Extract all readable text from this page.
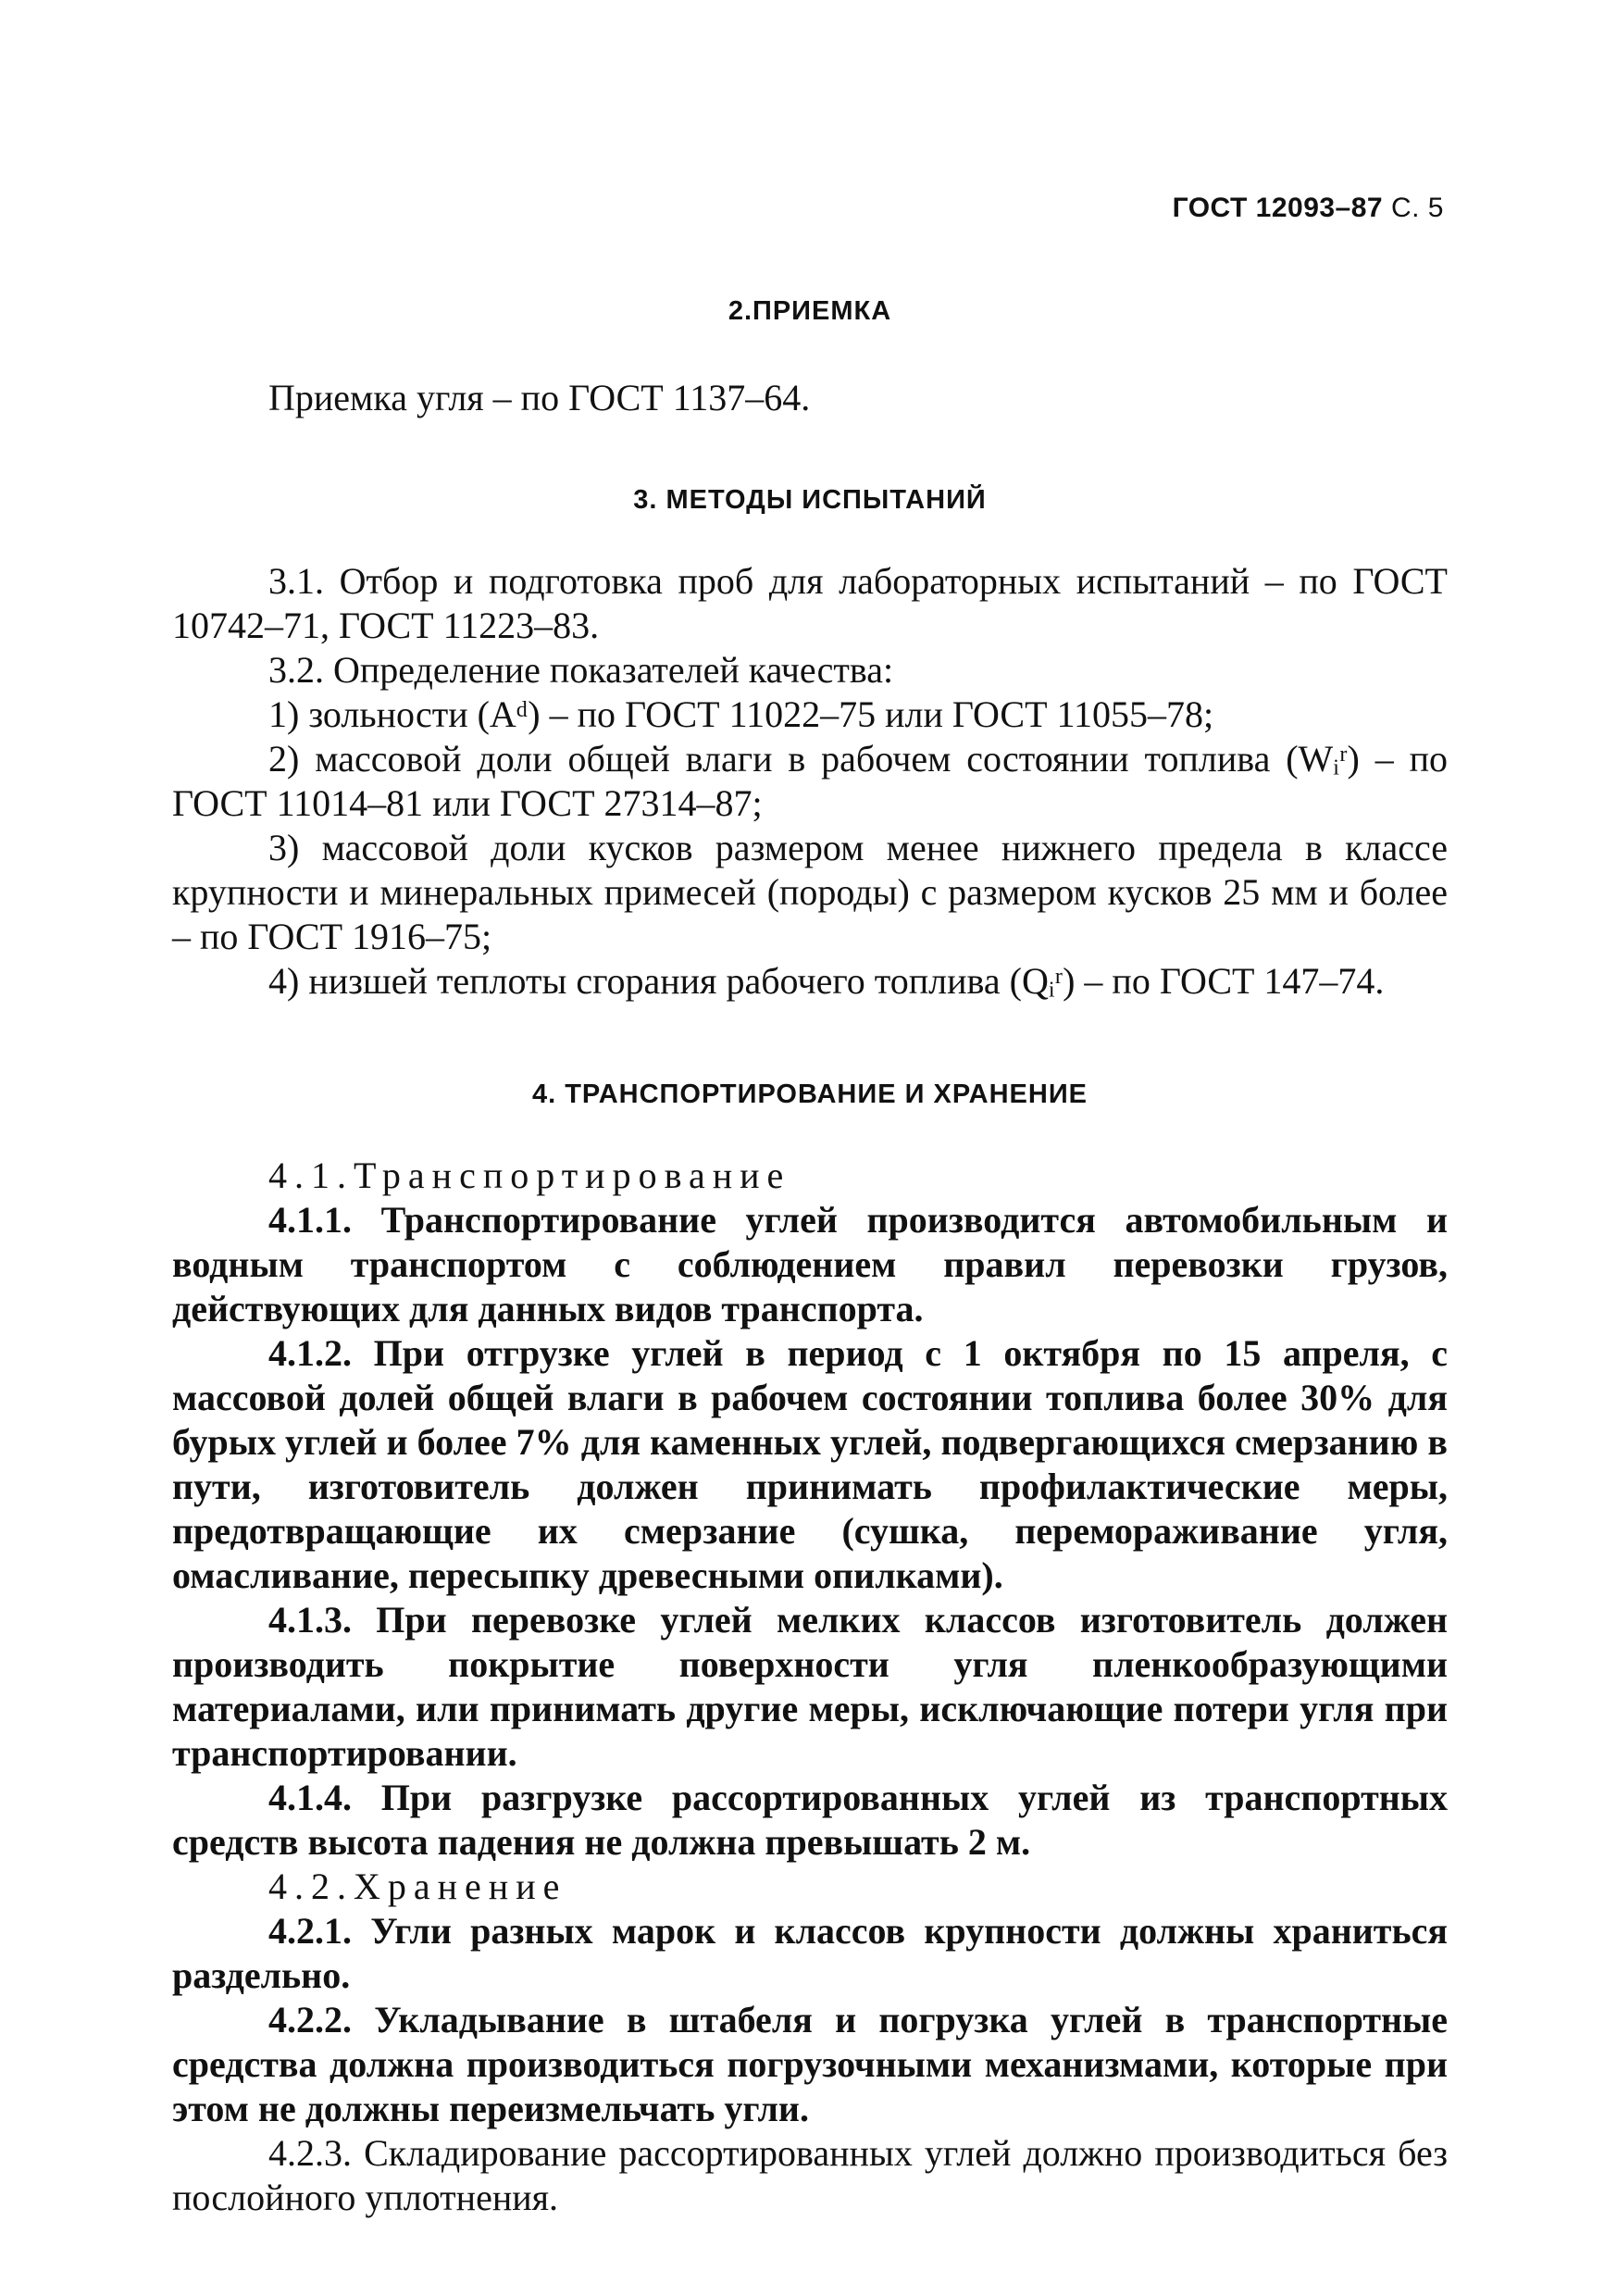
ГОСТ 12093–87 С. 5
2.ПРИЕМКА

Приемка угля – по ГОСТ 1137–64.

3. МЕТОДЫ ИСПЫТАНИЙ

3.1. Отбор и подготовка проб для лабораторных испытаний – по ГОСТ 10742–71, ГОСТ 11223–83.

3.2. Определение показателей качества:

1) зольности (Aᵈ) – по ГОСТ 11022–75 или ГОСТ 11055–78;

2) массовой доли общей влаги в рабочем состоянии топлива (Wᵢʳ) – по ГОСТ 11014–81 или ГОСТ 27314–87;

3) массовой доли кусков размером менее нижнего предела в классе крупности и минеральных примесей (породы) с размером кусков 25 мм и более – по ГОСТ 1916–75;

4) низшей теплоты сгорания рабочего топлива (Qᵢʳ) – по ГОСТ 147–74.

4. ТРАНСПОРТИРОВАНИЕ И ХРАНЕНИЕ

4.1.Транспортирование

4.1.1. Транспортирование углей производится автомобильным и водным транспортом с соблюдением правил перевозки грузов, действующих для данных видов транспорта.

4.1.2. При отгрузке углей в период с 1 октября по 15 апреля, с массовой долей общей влаги в рабочем состоянии топлива более 30% для бурых углей и более 7% для каменных углей, подвергающихся смерзанию в пути, изготовитель должен принимать профилактические меры, предотвращающие их смерзание (сушка, перемораживание угля, омасливание, пересыпку древесными опилками).

4.1.3. При перевозке углей мелких классов изготовитель должен производить покрытие поверхности угля пленкообразующими материалами, или принимать другие меры, исключающие потери угля при транспортировании.

4.1.4. При разгрузке рассортированных углей из транспортных средств высота падения не должна превышать 2 м.

4.2.Хранение

4.2.1. Угли разных марок и классов крупности должны храниться раздельно.

4.2.2. Укладывание в штабеля и погрузка углей в транспортные средства должна производиться погрузочными механизмами, которые при этом не должны переизмельчать угли.

4.2.3. Складирование рассортированных углей должно производиться без послойного уплотнения.
